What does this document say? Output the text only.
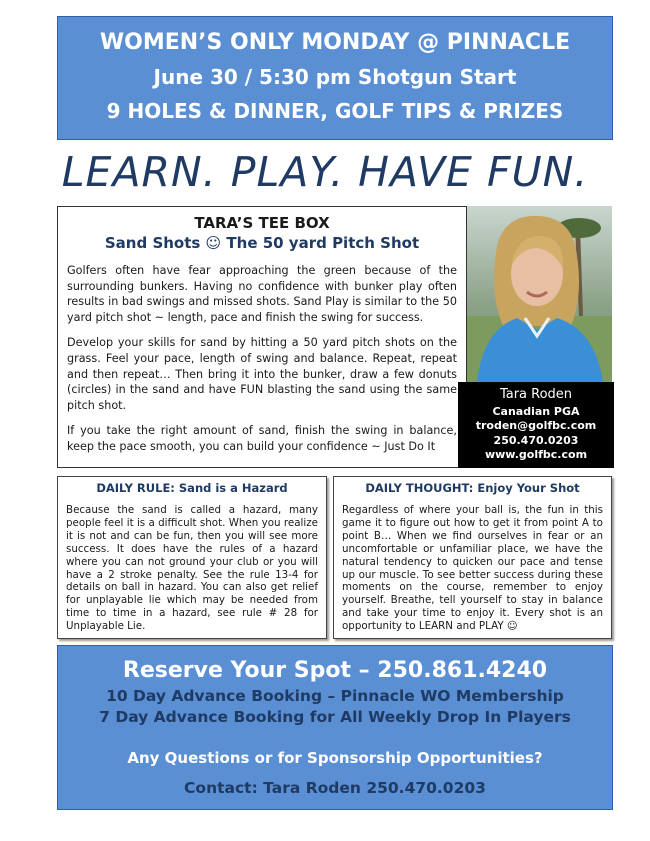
WOMEN’S ONLY MONDAY @ PINNACLE
June 30 / 5:30 pm Shotgun Start
9 HOLES & DINNER, GOLF TIPS & PRIZES
LEARN. PLAY. HAVE FUN.
TARA’S TEE BOX
Sand Shots ☺ The 50 yard Pitch Shot

Golfers often have fear approaching the green because of the surrounding bunkers. Having no confidence with bunker play often results in bad swings and missed shots. Sand Play is similar to the 50 yard pitch shot ~ length, pace and finish the swing for success.

Develop your skills for sand by hitting a 50 yard pitch shots on the grass. Feel your pace, length of swing and balance. Repeat, repeat and then repeat… Then bring it into the bunker, draw a few donuts (circles) in the sand and have FUN blasting the sand using the same pitch shot.

If you take the right amount of sand, finish the swing in balance, keep the pace smooth, you can build your confidence ~ Just Do It

Tara Roden
Canadian PGA
troden@golfbc.com
250.470.0203
www.golfbc.com
DAILY RULE: Sand is a Hazard

Because the sand is called a hazard, many people feel it is a difficult shot. When you realize it is not and can be fun, then you will see more success. It does have the rules of a hazard where you can not ground your club or you will have a 2 stroke penalty. See the rule 13-4 for details on ball in hazard. You can also get relief for unplayable lie which may be needed from time to time in a hazard, see rule # 28 for Unplayable Lie.

DAILY THOUGHT: Enjoy Your Shot

Regardless of where your ball is, the fun in this game it to figure out how to get it from point A to point B… When we find ourselves in fear or an uncomfortable or unfamiliar place, we have the natural tendency to quicken our pace and tense up our muscle. To see better success during these moments on the course, remember to enjoy yourself. Breathe, tell yourself to stay in balance and take your time to enjoy it. Every shot is an opportunity to LEARN and PLAY ☺

Reserve Your Spot – 250.861.4240
10 Day Advance Booking – Pinnacle WO Membership
7 Day Advance Booking for All Weekly Drop In Players
Any Questions or for Sponsorship Opportunities?
Contact: Tara Roden 250.470.0203
